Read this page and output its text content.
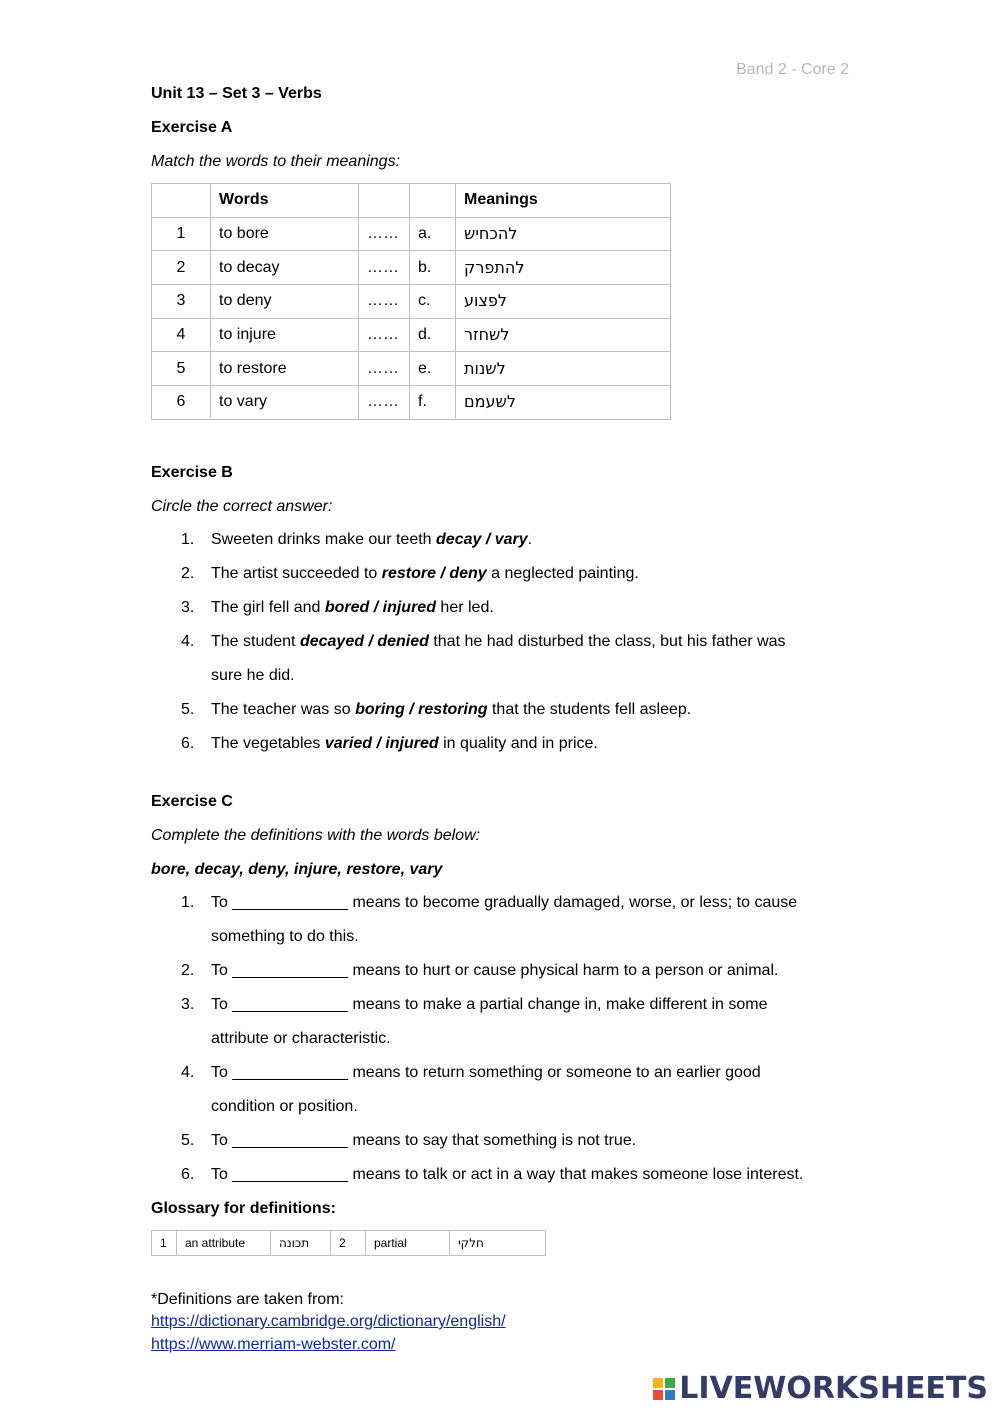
Band 2 - Core 2
Unit 13 – Set 3 – Verbs
Exercise A
Match the words to their meanings:
	Words			Meanings
1	to bore	……	a.	להכחיש
2	to decay	……	b.	להתפרק
3	to deny	……	c.	לפצוע
4	to injure	……	d.	לשחזר
5	to restore	……	e.	לשנות
6	to vary	……	f.	לשעמם
Exercise B
Circle the correct answer:
1. Sweeten drinks make our teeth decay / vary.
2. The artist succeeded to restore / deny a neglected painting.
3. The girl fell and bored / injured her led.
4. The student decayed / denied that he had disturbed the class, but his father was
sure he did.
5. The teacher was so boring / restoring that the students fell asleep.
6. The vegetables varied / injured in quality and in price.
Exercise C
Complete the definitions with the words below:
bore, decay, deny, injure, restore, vary
1. To _____________ means to become gradually damaged, worse, or less; to cause
something to do this.
2. To _____________ means to hurt or cause physical harm to a person or animal.
3. To _____________ means to make a partial change in, make different in some
attribute or characteristic.
4. To _____________ means to return something or someone to an earlier good
condition or position.
5. To _____________ means to say that something is not true.
6. To _____________ means to talk or act in a way that makes someone lose interest.
Glossary for definitions:
1	an attribute	תכונה	2	partial	חלקי
*Definitions are taken from:
https://dictionary.cambridge.org/dictionary/english/
https://www.merriam-webster.com/
LIVEWORKSHEETS
